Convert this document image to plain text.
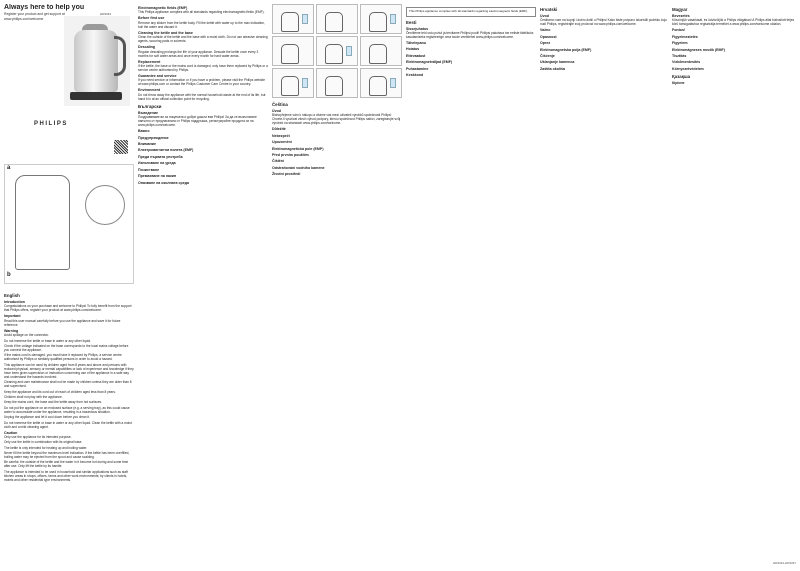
Always here to help you
Register your product and get support at
www.philips.com/welcome
HD9334
PHILIPS
a
b
English
Introduction

Congratulations on your purchase and welcome to Philips! To fully benefit from the support that Philips offers, register your product at www.philips.com/welcome.

Important

Read this user manual carefully before you use the appliance and save it for future reference.

Warning

Avoid spillage on the connector.

Do not immerse the kettle or base in water or any other liquid.

Check if the voltage indicated on the base corresponds to the local mains voltage before you connect the appliance.

If the mains cord is damaged, you must have it replaced by Philips, a service centre authorised by Philips or similarly qualified persons in order to avoid a hazard.

This appliance can be used by children aged from 8 years and above and persons with reduced physical, sensory or mental capabilities or lack of experience and knowledge if they have been given supervision or instruction concerning use of the appliance in a safe way and understand the hazards involved.

Cleaning and user maintenance shall not be made by children unless they are older than 8 and supervised.

Keep the appliance and its cord out of reach of children aged less than 8 years.

Children shall not play with the appliance.

Keep the mains cord, the base and the kettle away from hot surfaces.

Do not put the appliance on an enclosed surface (e.g. a serving tray), as this could cause water to accumulate under the appliance, resulting in a hazardous situation.

Unplug the appliance and let it cool down before you clean it.

Do not immerse the kettle or base in water or any other liquid. Clean the kettle with a moist cloth and a mild cleaning agent.

Caution

Only use the appliance for its intended purpose.

Only use the kettle in combination with its original base.

The kettle is only intended for heating up and boiling water.

Never fill the kettle beyond the maximum level indication. If the kettle has been overfilled, boiling water may be ejected from the spout and cause scalding.

Be careful: the outside of the kettle and the water in it become hot during and some time after use. Only lift the kettle by its handle.

The appliance is intended to be used in household and similar applications such as staff kitchen areas in shops, offices, farms and other work environments; by clients in hotels, motels and other residential type environments.

Electromagnetic fields (EMF)

This Philips appliance complies with all standards regarding electromagnetic fields (EMF).

Before first use

Remove any sticker from the kettle body. Fill the kettle with water up to the max indication, boil the water and discard it.

Cleaning the kettle and the base

Clean the outside of the kettle and the base with a moist cloth. Do not use abrasive cleaning agents, scouring pads or solvents.

Descaling

Regular descaling prolongs the life of your appliance. Descale the kettle once every 3 months for soft water areas and once every month for hard water areas.

Replacement

If the kettle, the base or the mains cord is damaged, only have them replaced by Philips or a service centre authorised by Philips.

Guarantee and service

If you need service or information or if you have a problem, please visit the Philips website at www.philips.com or contact the Philips Customer Care Centre in your country.

Environment

Do not throw away the appliance with the normal household waste at the end of its life, but hand it in at an official collection point for recycling.

Български
Въведение

Поздравяваме ви за покупката и добре дошли във Philips! За да се възползвате напълно от предлаганата от Philips поддръжка, регистрирайте продукта си на www.philips.com/welcome.

Важно
Предупреждение
Внимание
Електромагнитни полета (EMF)
Преди първата употреба
Използване на уреда
Почистване
Премахване на накип
Опазване на околната среда
Čeština
Úvod

Blahopřejeme vám k nákupu a vítáme vás mezi uživateli výrobků společnosti Philips! Chcete-li využívat všech výhod podpory, kterou společnost Philips nabízí, zaregistrujte svůj výrobek na stránkách www.philips.com/welcome.

Důležité
Nebezpečí
Upozornění
Elektromagnetická pole (EMP)
Před prvním použitím
Čištění
Odstraňování vodního kamene
Životní prostředí
This Philips appliance complies with all standards regarding electromagnetic fields (EMF).
Eesti
Sissejuhatus

Õnnitleme teid ostu puhul ja tervitame Philipsi poolt! Philipsi pakutava toe eeliste täielikuks kasutamiseks registreerige oma toode veebilehel www.philips.com/welcome.

Tähelepanu
Hoiatus
Ettevaatust
Elektromagnetväljad (EMF)
Puhastamine
Keskkond
Hrvatski
Uvod

Čestitamo vam na kupnji i dobro došli u Philips! Kako biste potpuno iskoristili podršku koju nudi Philips, registrirajte svoj proizvod na www.philips.com/welcome.

Važno
Opasnost
Oprez
Elektromagnetska polja (EMF)
Čišćenje
Uklanjanje kamenca
Zaštita okoliša
Magyar
Bevezetés

Köszönjük vásárlását, és üdvözöljük a Philips világában! A Philips által biztosított teljes körű támogatáshoz regisztrálja termékét a www.philips.com/welcome oldalon.

Fontos!
Figyelmeztetés
Figyelem
Elektromágneses mezők (EMF)
Tisztítás
Vízkőmentesítés
Környezetvédelem
Қазақша
Кіріспе
HD9334-HD9337
